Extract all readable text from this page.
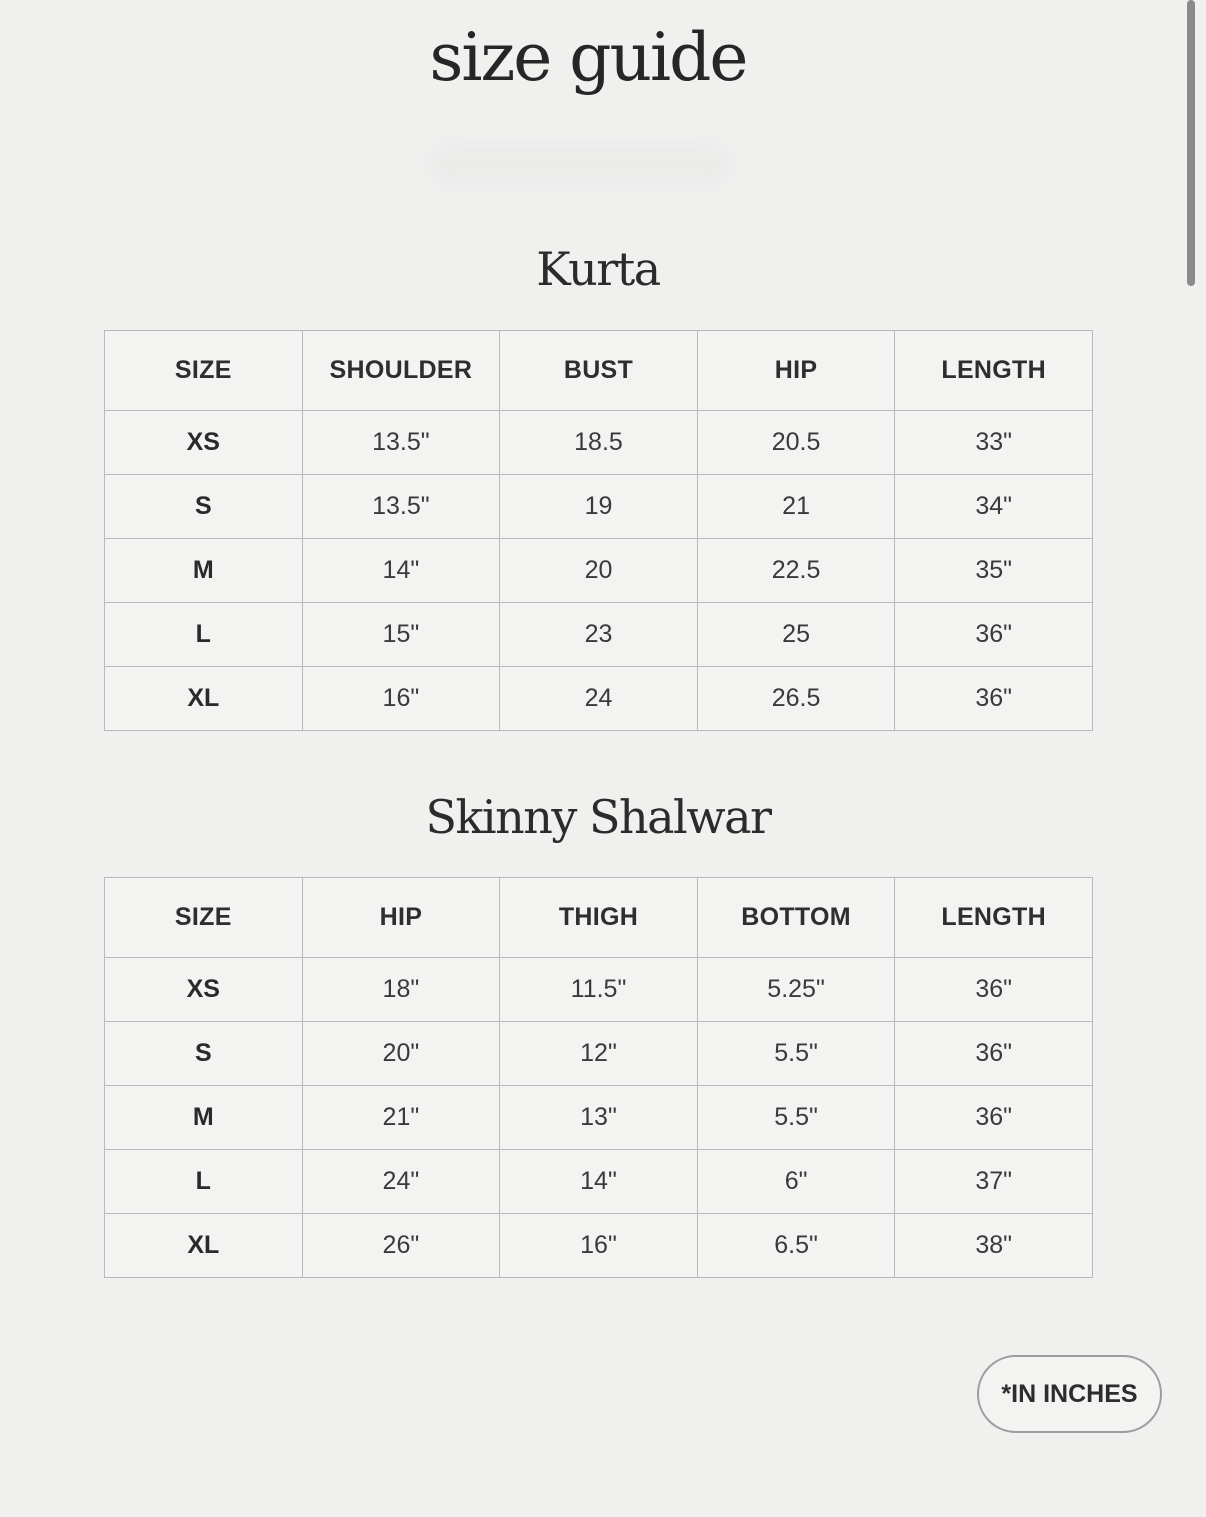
size guide
Kurta
SIZE	SHOULDER	BUST	HIP	LENGTH
XS	13.5"	18.5	20.5	33"
S	13.5"	19	21	34"
M	14"	20	22.5	35"
L	15"	23	25	36"
XL	16"	24	26.5	36"
Skinny Shalwar
SIZE	HIP	THIGH	BOTTOM	LENGTH
XS	18"	11.5"	5.25"	36"
S	20"	12"	5.5"	36"
M	21"	13"	5.5"	36"
L	24"	14"	6"	37"
XL	26"	16"	6.5"	38"
*IN INCHES
